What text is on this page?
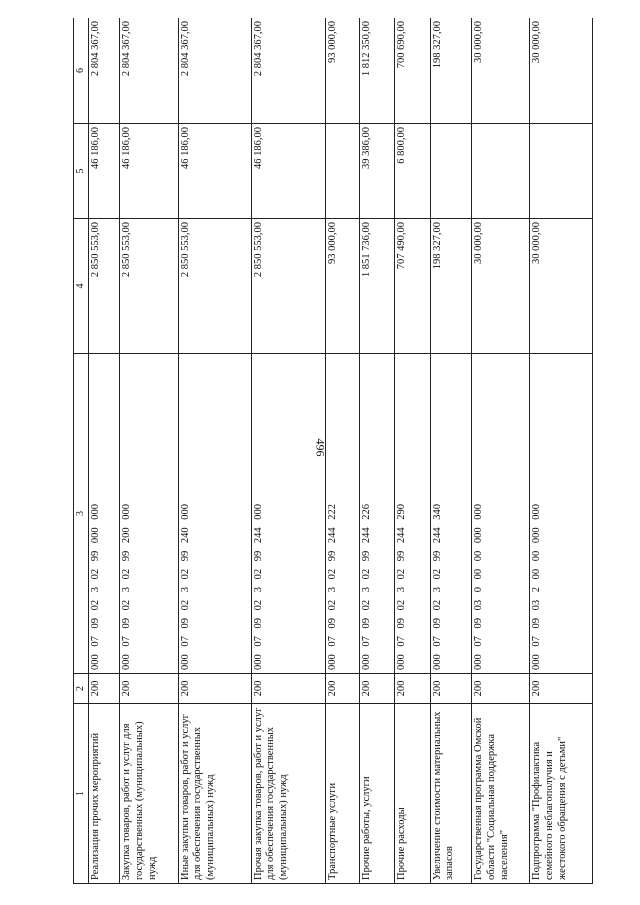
496
1	2	3	4	5	6
Реализация прочих мероприятий	200	000 07 09 02 3 02 99 000 000	2 850 553,00	46 186,00	2 804 367,00
Закупка товаров, работ и услуг для государственных (муниципальных) нужд	200	000 07 09 02 3 02 99 200 000	2 850 553,00	46 186,00	2 804 367,00
Иные закупки товаров, работ и услуг для обеспечения государственных (муниципальных) нужд	200	000 07 09 02 3 02 99 240 000	2 850 553,00	46 186,00	2 804 367,00
Прочая закупка товаров, работ и услуг для обеспечения государственных (муниципальных) нужд	200	000 07 09 02 3 02 99 244 000	2 850 553,00	46 186,00	2 804 367,00
Транспортные услуги	200	000 07 09 02 3 02 99 244 222	93 000,00		93 000,00
Прочие работы, услуги	200	000 07 09 02 3 02 99 244 226	1 851 736,00	39 386,00	1 812 350,00
Прочие расходы	200	000 07 09 02 3 02 99 244 290	707 490,00	6 800,00	700 690,00
Увеличение стоимости материальных запасов	200	000 07 09 02 3 02 99 244 340	198 327,00		198 327,00
Государственная программа Омской области "Социальная поддержка населения"	200	000 07 09 03 0 00 00 000 000	30 000,00		30 000,00
Подпрограмма "Профилактика семейного неблагополучия и жестокого обращения с детьми"	200	000 07 09 03 2 00 00 000 000	30 000,00		30 000,00
